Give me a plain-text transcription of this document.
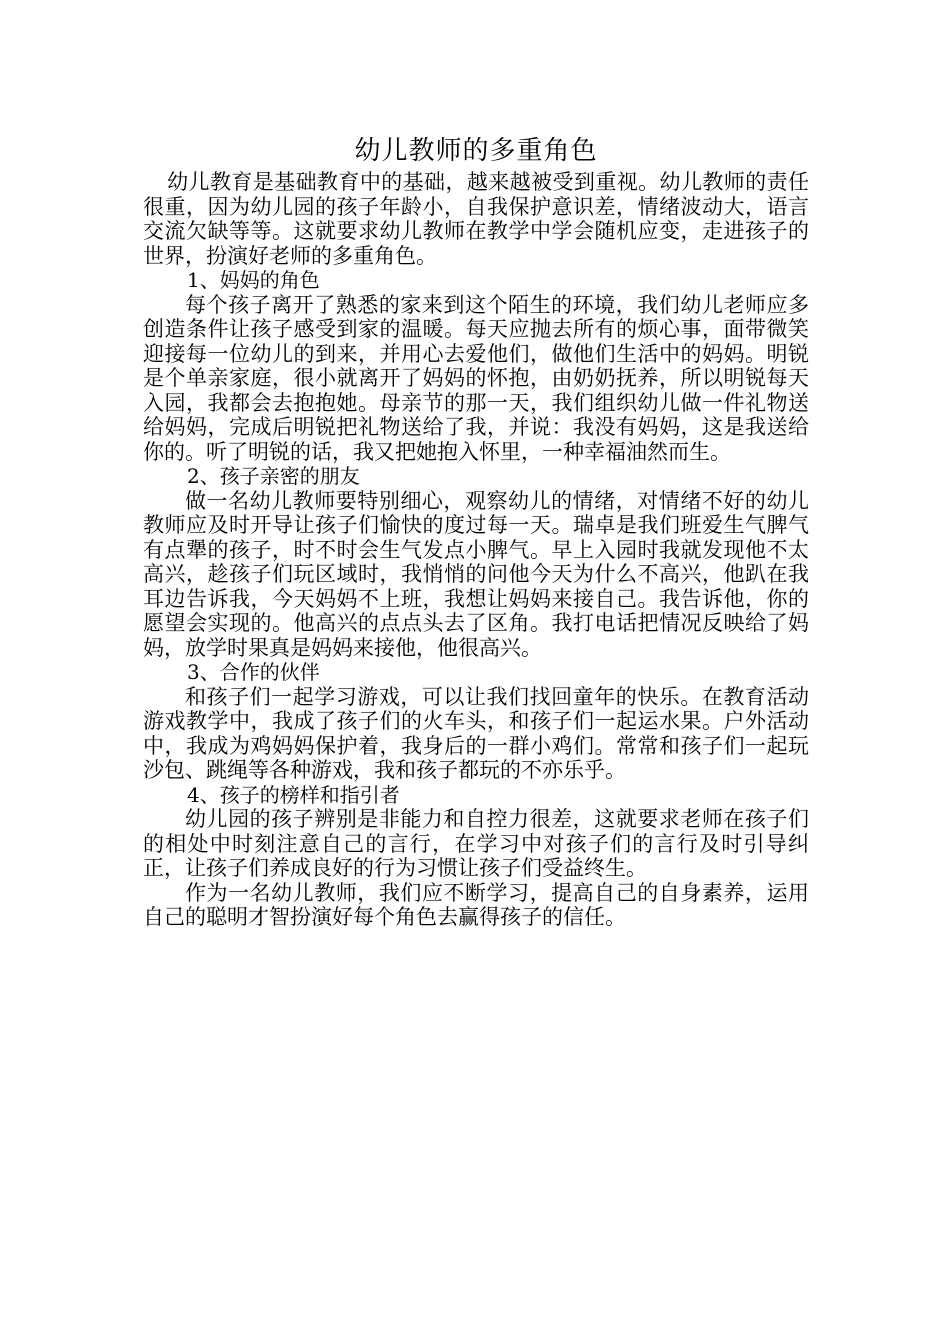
幼儿教师的多重角色

幼儿教育是基础教育中的基础，越来越被受到重视。幼儿教师的责任很重，因为幼儿园的孩子年龄小，自我保护意识差，情绪波动大，语言交流欠缺等等。这就要求幼儿教师在教学中学会随机应变，走进孩子的世界，扮演好老师的多重角色。

1、妈妈的角色

每个孩子离开了熟悉的家来到这个陌生的环境，我们幼儿老师应多创造条件让孩子感受到家的温暖。每天应抛去所有的烦心事，面带微笑迎接每一位幼儿的到来，并用心去爱他们，做他们生活中的妈妈。明锐是个单亲家庭，很小就离开了妈妈的怀抱，由奶奶抚养，所以明锐每天入园，我都会去抱抱她。母亲节的那一天，我们组织幼儿做一件礼物送给妈妈，完成后明锐把礼物送给了我，并说：我没有妈妈，这是我送给你的。听了明锐的话，我又把她抱入怀里，一种幸福油然而生。

2、孩子亲密的朋友

做一名幼儿教师要特别细心，观察幼儿的情绪，对情绪不好的幼儿教师应及时开导让孩子们愉快的度过每一天。瑞卓是我们班爱生气脾气有点犟的孩子，时不时会生气发点小脾气。早上入园时我就发现他不太高兴，趁孩子们玩区域时，我悄悄的问他今天为什么不高兴，他趴在我耳边告诉我，今天妈妈不上班，我想让妈妈来接自己。我告诉他，你的愿望会实现的。他高兴的点点头去了区角。我打电话把情况反映给了妈妈，放学时果真是妈妈来接他，他很高兴。

3、合作的伙伴

和孩子们一起学习游戏，可以让我们找回童年的快乐。在教育活动游戏教学中，我成了孩子们的火车头，和孩子们一起运水果。户外活动中，我成为鸡妈妈保护着，我身后的一群小鸡们。常常和孩子们一起玩沙包、跳绳等各种游戏，我和孩子都玩的不亦乐乎。

4、孩子的榜样和指引者

幼儿园的孩子辨别是非能力和自控力很差，这就要求老师在孩子们的相处中时刻注意自己的言行，在学习中对孩子们的言行及时引导纠正，让孩子们养成良好的行为习惯让孩子们受益终生。

作为一名幼儿教师，我们应不断学习，提高自己的自身素养，运用自己的聪明才智扮演好每个角色去赢得孩子的信任。
